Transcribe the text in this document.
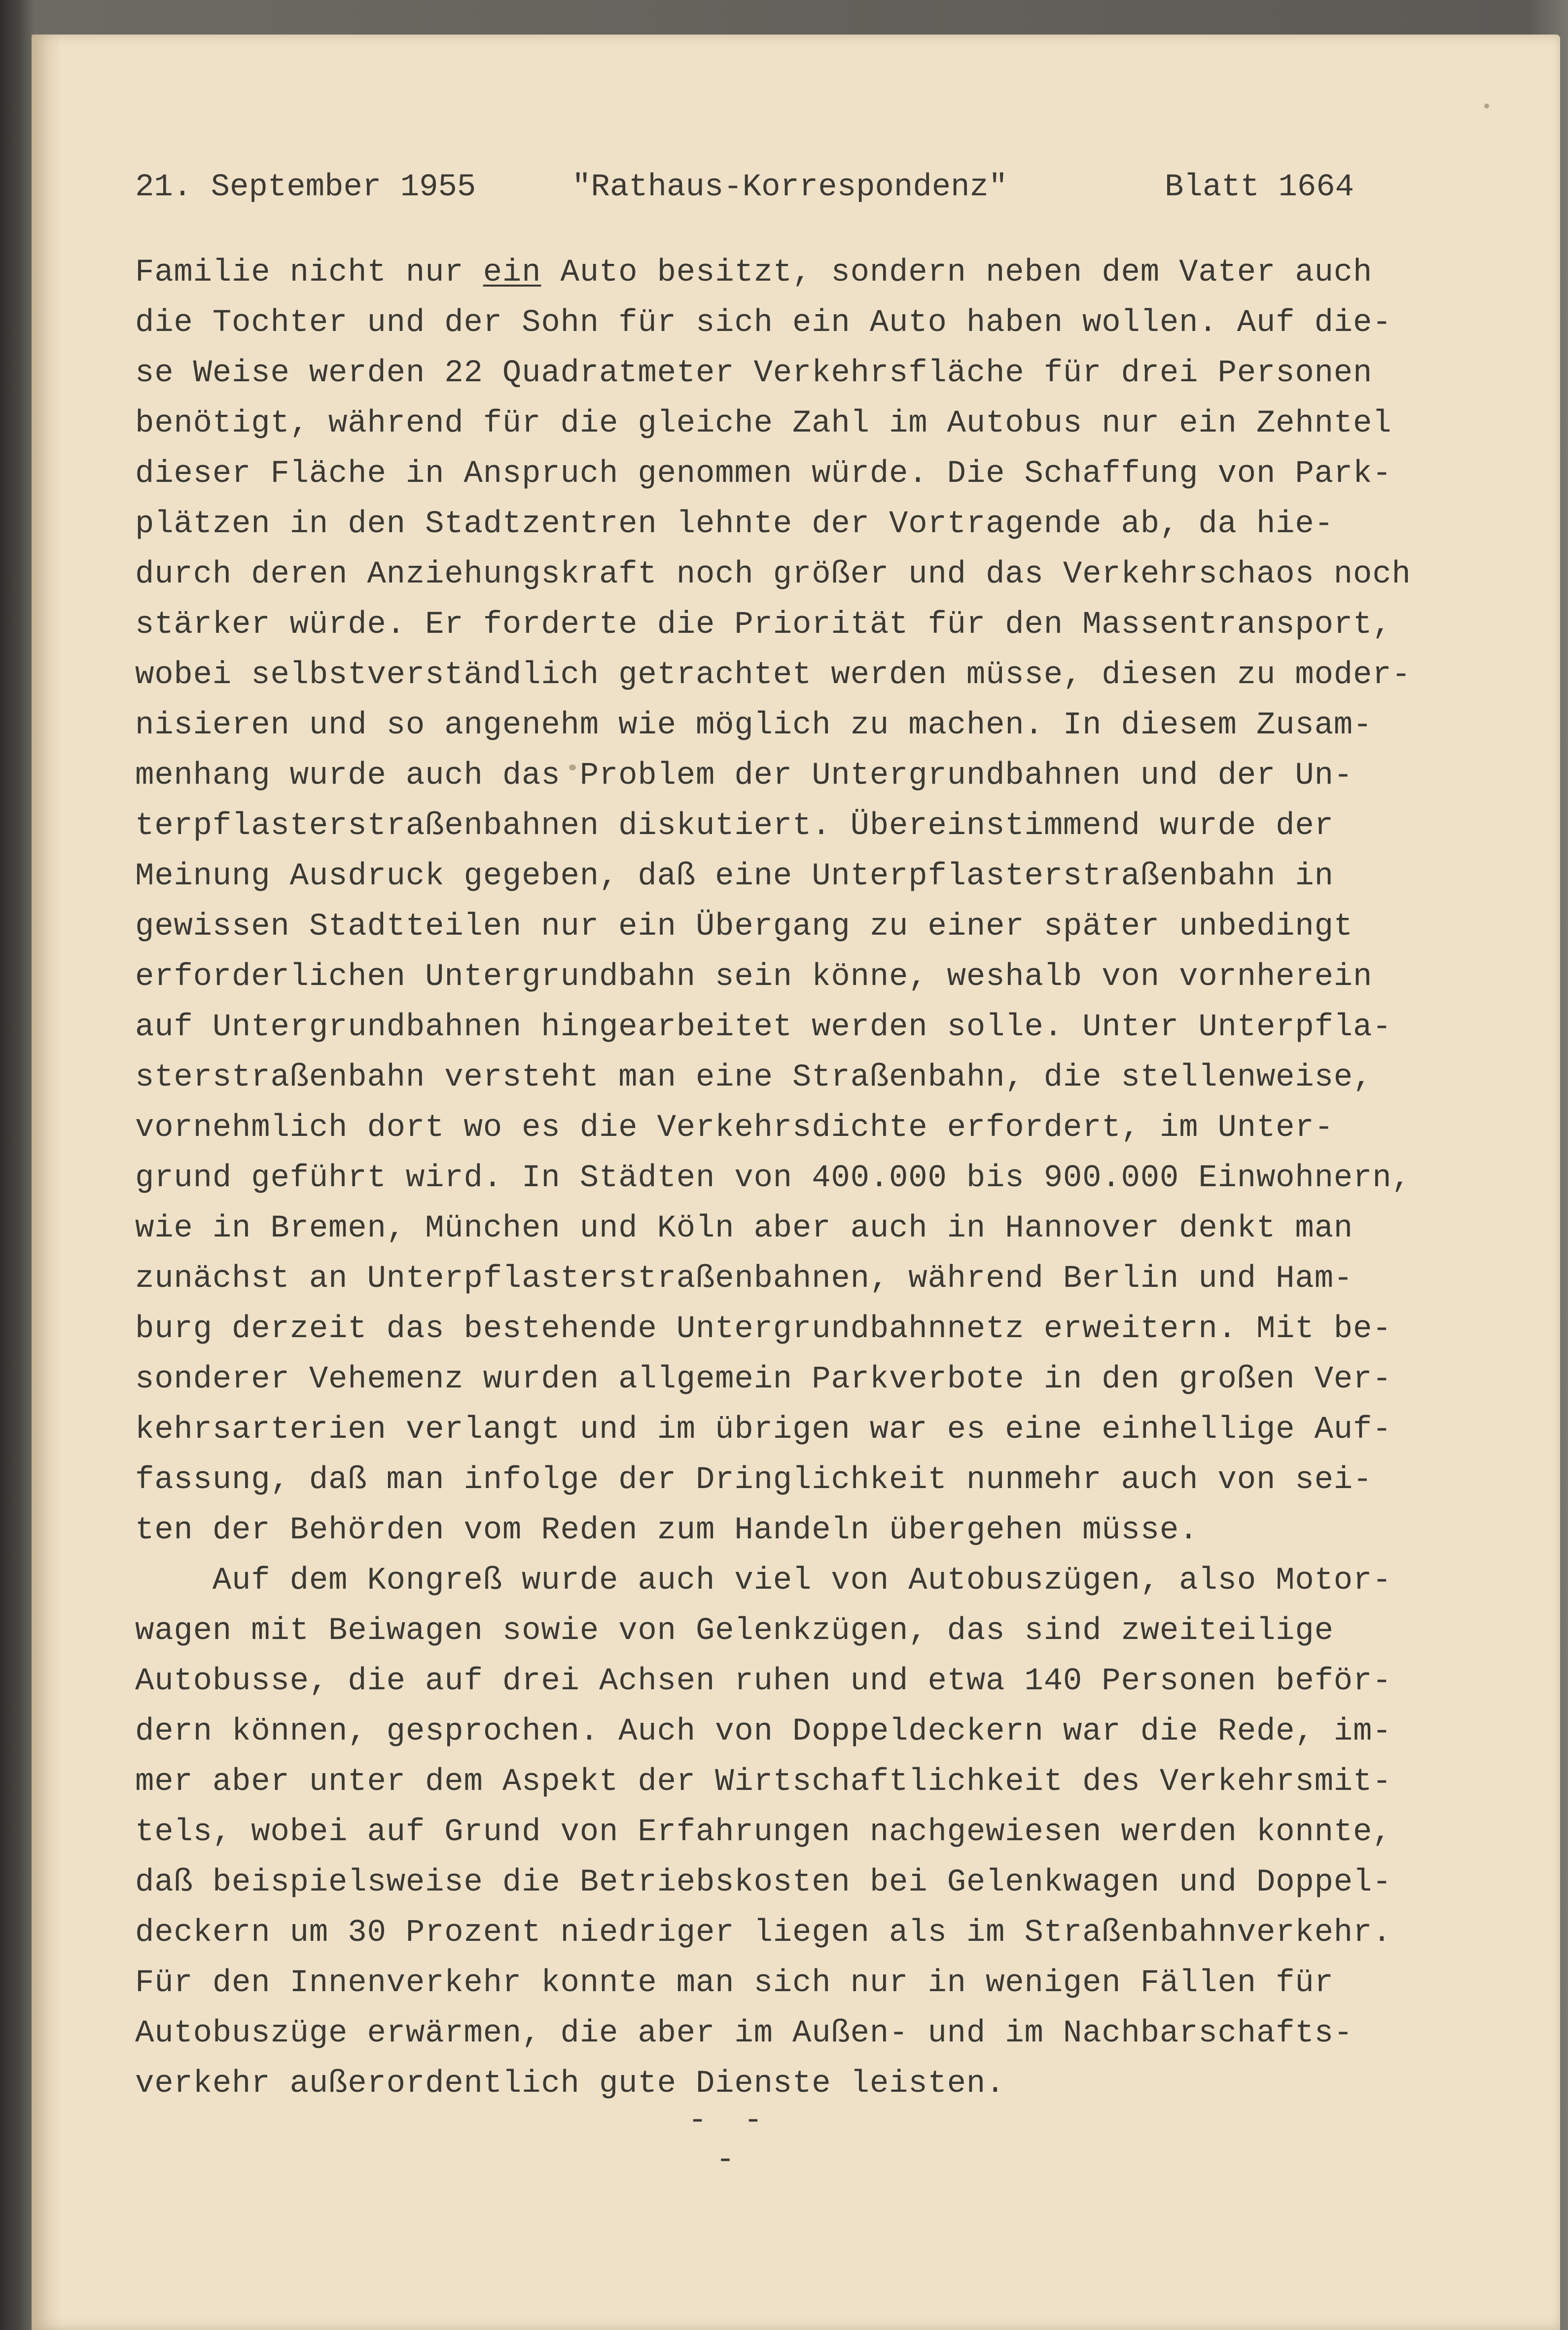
21. September 1955	"Rathaus-Korrespondenz"	Blatt 1664
Familie nicht nur ein Auto besitzt, sondern neben dem Vater auch
die Tochter und der Sohn für sich ein Auto haben wollen. Auf die-
se Weise werden 22 Quadratmeter Verkehrsfläche für drei Personen
benötigt, während für die gleiche Zahl im Autobus nur ein Zehntel
dieser Fläche in Anspruch genommen würde. Die Schaffung von Park-
plätzen in den Stadtzentren lehnte der Vortragende ab, da hie-
durch deren Anziehungskraft noch größer und das Verkehrschaos noch
stärker würde. Er forderte die Priorität für den Massentransport,
wobei selbstverständlich getrachtet werden müsse, diesen zu moder-
nisieren und so angenehm wie möglich zu machen. In diesem Zusam-
menhang wurde auch das Problem der Untergrundbahnen und der Un-
terpflasterstraßenbahnen diskutiert. Übereinstimmend wurde der
Meinung Ausdruck gegeben, daß eine Unterpflasterstraßenbahn in
gewissen Stadtteilen nur ein Übergang zu einer später unbedingt
erforderlichen Untergrundbahn sein könne, weshalb von vornherein
auf Untergrundbahnen hingearbeitet werden solle. Unter Unterpfla-
sterstraßenbahn versteht man eine Straßenbahn, die stellenweise,
vornehmlich dort wo es die Verkehrsdichte erfordert, im Unter-
grund geführt wird. In Städten von 400.000 bis 900.000 Einwohnern,
wie in Bremen, München und Köln aber auch in Hannover denkt man
zunächst an Unterpflasterstraßenbahnen, während Berlin und Ham-
burg derzeit das bestehende Untergrundbahnnetz erweitern. Mit be-
sonderer Vehemenz wurden allgemein Parkverbote in den großen Ver-
kehrsarterien verlangt und im übrigen war es eine einhellige Auf-
fassung, daß man infolge der Dringlichkeit nunmehr auch von sei-
ten der Behörden vom Reden zum Handeln übergehen müsse.
Auf dem Kongreß wurde auch viel von Autobuszügen, also Motor-
wagen mit Beiwagen sowie von Gelenkzügen, das sind zweiteilige
Autobusse, die auf drei Achsen ruhen und etwa 140 Personen beför-
dern können, gesprochen. Auch von Doppeldeckern war die Rede, im-
mer aber unter dem Aspekt der Wirtschaftlichkeit des Verkehrsmit-
tels, wobei auf Grund von Erfahrungen nachgewiesen werden konnte,
daß beispielsweise die Betriebskosten bei Gelenkwagen und Doppel-
deckern um 30 Prozent niedriger liegen als im Straßenbahnverkehr.
Für den Innenverkehr konnte man sich nur in wenigen Fällen für
Autobuszüge erwärmen, die aber im Außen- und im Nachbarschafts-
verkehr außerordentlich gute Dienste leisten.
- - -
